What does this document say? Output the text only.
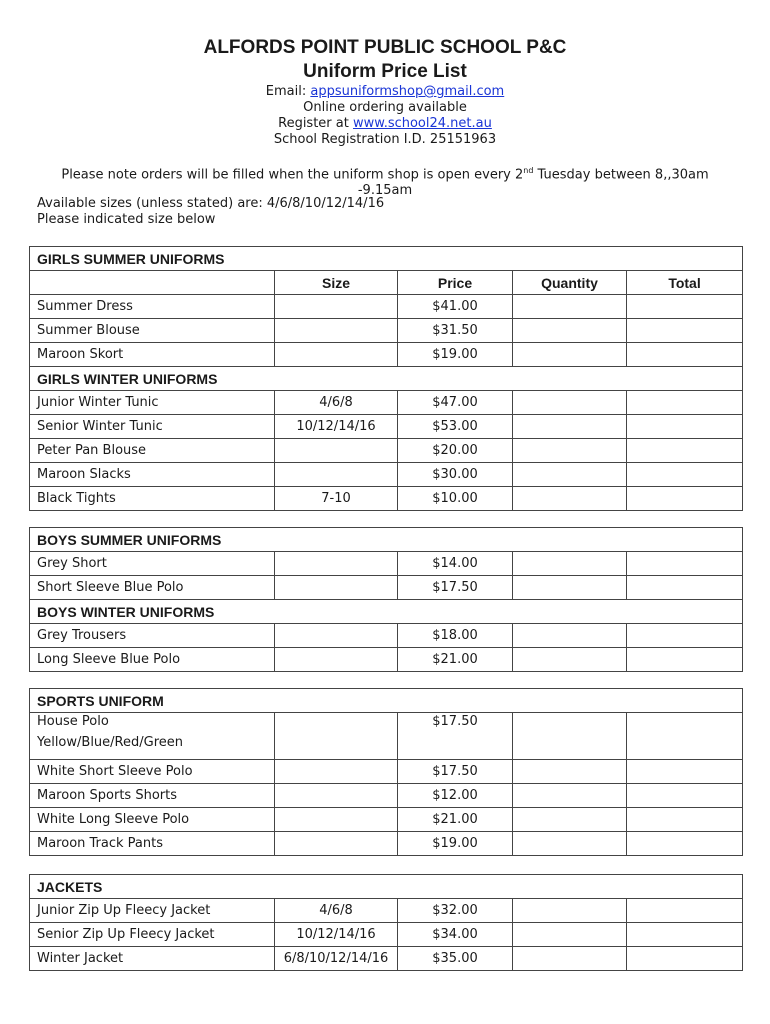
ALFORDS POINT PUBLIC SCHOOL P&C
Uniform Price List
Email: appsuniformshop@gmail.com
Online ordering available
Register at www.school24.net.au
School Registration I.D. 25151963
Please note orders will be filled when the uniform shop is open every 2nd Tuesday between 8,,30am -9.15am
Available sizes (unless stated) are: 4/6/8/10/12/14/16
Please indicated size below
GIRLS SUMMER UNIFORMS				
	Size	Price	Quantity	Total
Summer Dress		$41.00		
Summer Blouse		$31.50		
Maroon Skort		$19.00		
GIRLS WINTER UNIFORMS				
Junior Winter Tunic	4/6/8	$47.00		
Senior Winter Tunic	10/12/14/16	$53.00		
Peter Pan Blouse		$20.00		
Maroon Slacks		$30.00		
Black Tights	7-10	$10.00		
BOYS SUMMER UNIFORMS				
Grey Short		$14.00		
Short Sleeve Blue Polo		$17.50		
BOYS WINTER UNIFORMS				
Grey Trousers		$18.00		
Long Sleeve Blue Polo		$21.00		
SPORTS UNIFORM				

House Polo
Yellow/Blue/Red/Green		$17.50		
White Short Sleeve Polo		$17.50		
Maroon Sports Shorts		$12.00		
White Long Sleeve Polo		$21.00		
Maroon Track Pants		$19.00		
JACKETS				
Junior Zip Up Fleecy Jacket	4/6/8	$32.00		
Senior Zip Up Fleecy Jacket	10/12/14/16	$34.00		
Winter Jacket	6/8/10/12/14/16	$35.00		
